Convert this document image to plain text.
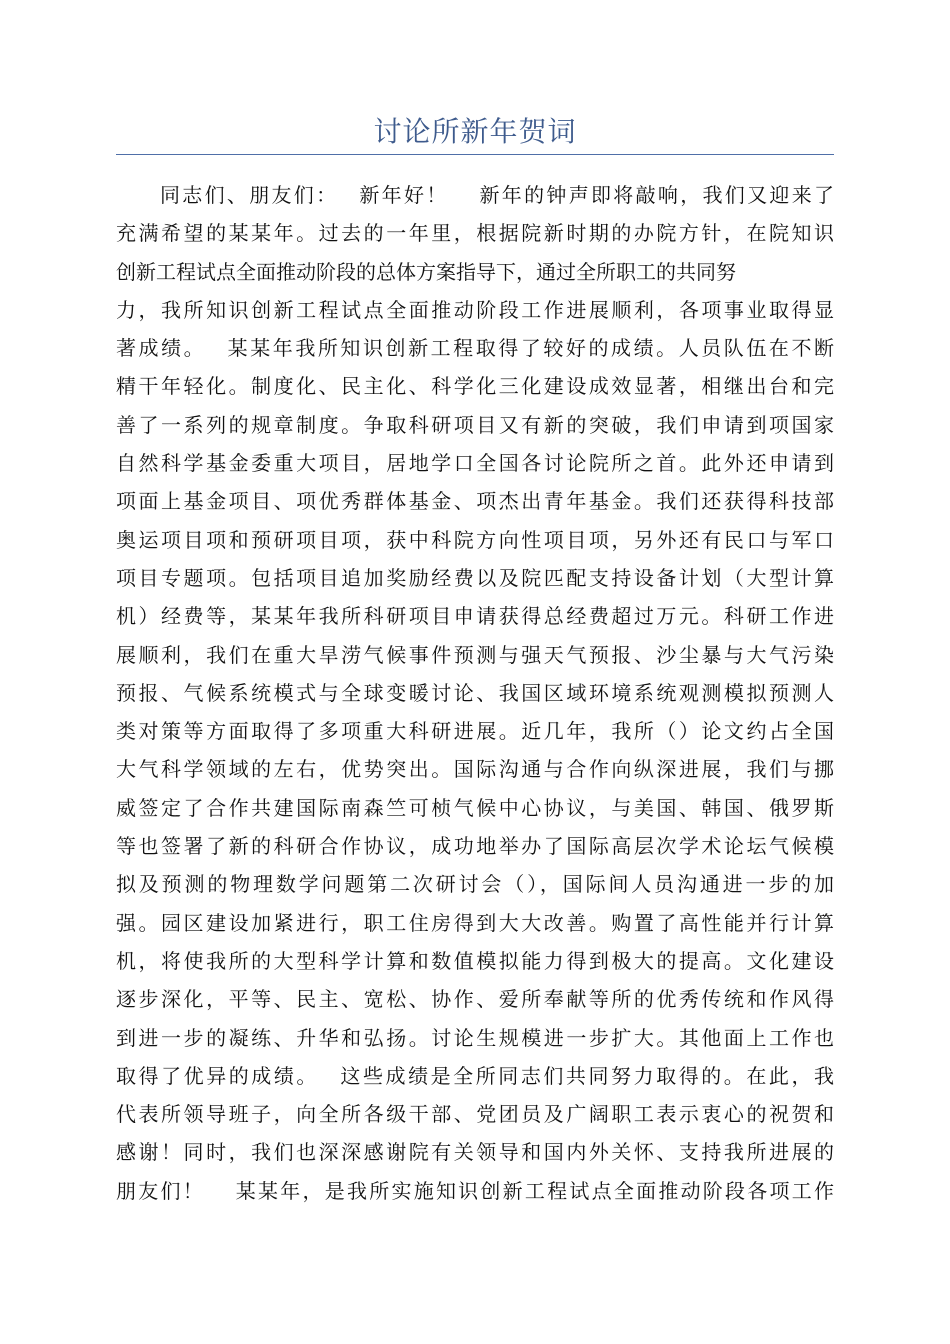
讨论所新年贺词
同志们、朋友们：　 新年好！　 新年的钟声即将敲响，我们又迎来了
充满希望的某某年。过去的一年里，根据院新时期的办院方针，在院知识
创新工程试点全面推动阶段的总体方案指导下，通过全所职工的共同努
力，我所知识创新工程试点全面推动阶段工作进展顺利，各项事业取得显
著成绩。　 某某年我所知识创新工程取得了较好的成绩。人员队伍在不断
精干年轻化。制度化、民主化、科学化三化建设成效显著，相继出台和完
善了一系列的规章制度。争取科研项目又有新的突破，我们申请到项国家
自然科学基金委重大项目，居地学口全国各讨论院所之首。此外还申请到
项面上基金项目、项优秀群体基金、项杰出青年基金。我们还获得科技部
奥运项目项和预研项目项，获中科院方向性项目项，另外还有民口与军口
项目专题项。包括项目追加奖励经费以及院匹配支持设备计划（大型计算
机）经费等，某某年我所科研项目申请获得总经费超过万元。科研工作进
展顺利，我们在重大旱涝气候事件预测与强天气预报、沙尘暴与大气污染
预报、气候系统模式与全球变暖讨论、我国区域环境系统观测模拟预测人
类对策等方面取得了多项重大科研进展。近几年，我所（）论文约占全国
大气科学领域的左右，优势突出。国际沟通与合作向纵深进展，我们与挪
威签定了合作共建国际南森竺可桢气候中心协议，与美国、韩国、俄罗斯
等也签署了新的科研合作协议，成功地举办了国际高层次学术论坛气候模
拟及预测的物理数学问题第二次研讨会（），国际间人员沟通进一步的加
强。园区建设加紧进行，职工住房得到大大改善。购置了高性能并行计算
机，将使我所的大型科学计算和数值模拟能力得到极大的提高。文化建设
逐步深化，平等、民主、宽松、协作、爱所奉献等所的优秀传统和作风得
到进一步的凝练、升华和弘扬。讨论生规模进一步扩大。其他面上工作也
取得了优异的成绩。　 这些成绩是全所同志们共同努力取得的。在此，我
代表所领导班子，向全所各级干部、党团员及广阔职工表示衷心的祝贺和
感谢！同时，我们也深深感谢院有关领导和国内外关怀、支持我所进展的
朋友们！　 某某年，是我所实施知识创新工程试点全面推动阶段各项工作
